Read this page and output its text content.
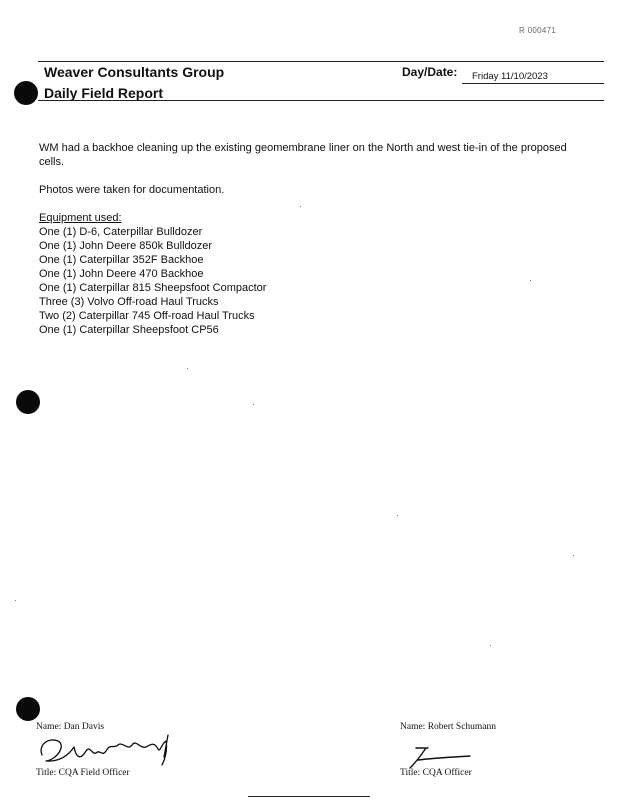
R 000471
Weaver Consultants Group	Day/Date: Friday 11/10/2023
Daily Field Report
WM had a backhoe cleaning up the existing geomembrane liner on the North and west tie-in of the proposed cells.
Photos were taken for documentation.
Equipment used:
One (1) D-6, Caterpillar Bulldozer
One (1) John Deere 850k Bulldozer
One (1) Caterpillar 352F Backhoe
One (1) John Deere 470 Backhoe
One (1) Caterpillar 815 Sheepsfoot Compactor
Three (3) Volvo Off-road Haul Trucks
Two (2) Caterpillar 745 Off-road Haul Trucks
One (1) Caterpillar Sheepsfoot CP56
Name: Dan Davis
Title: CQA Field Officer
Name: Robert Schumann
Title: CQA Officer
